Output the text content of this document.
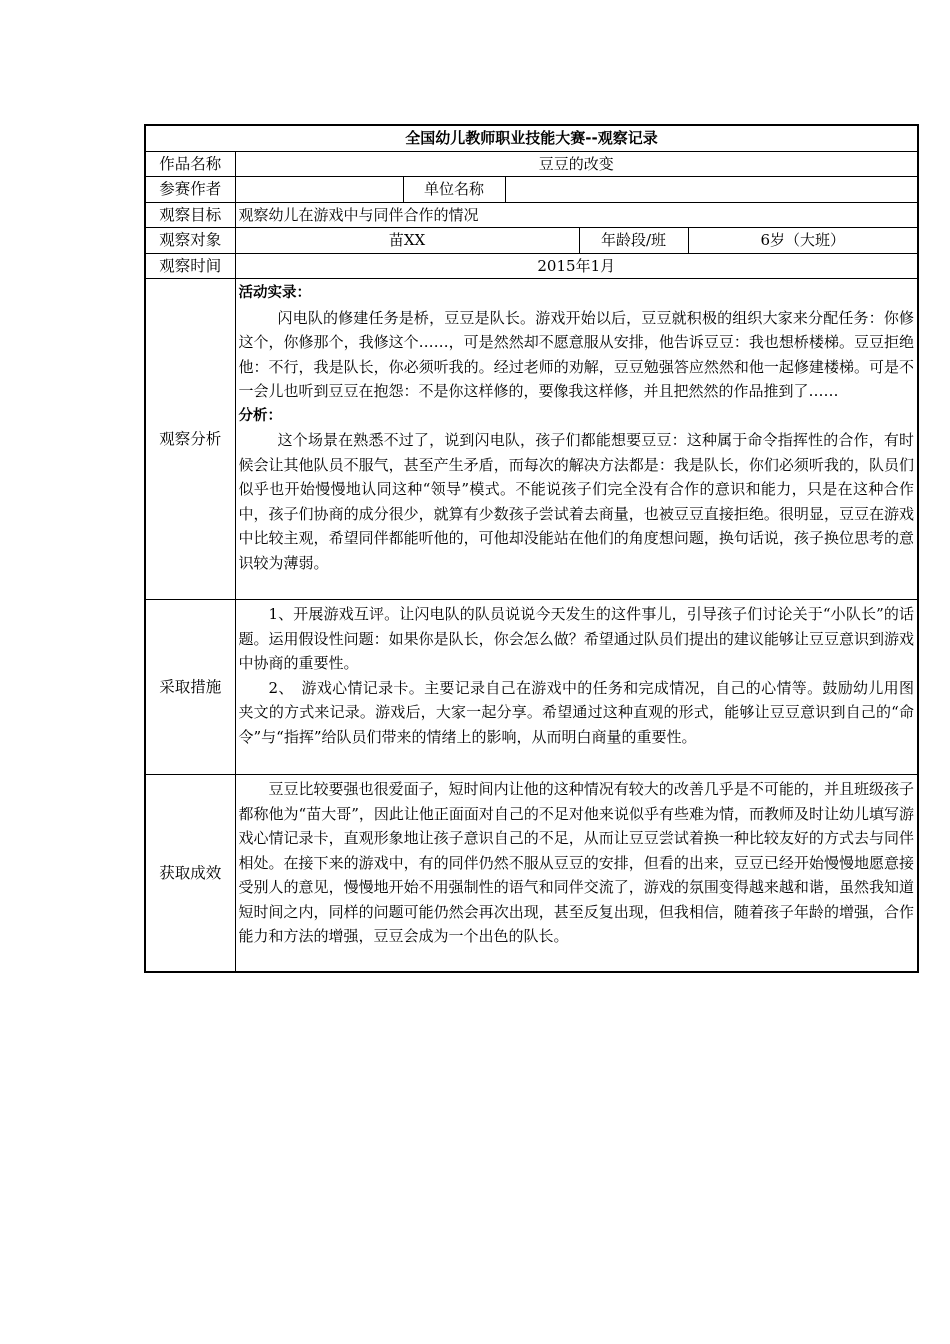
全国幼儿教师职业技能大赛--观察记录					
作品名称	豆豆的改变				
参赛作者		单位名称			
观察目标	观察幼儿在游戏中与同伴合作的情况				
观察对象	苗XX			年龄段/班	6岁（大班）
观察时间	2015年1月				
观察分析	活动实录：

闪电队的修建任务是桥，豆豆是队长。游戏开始以后，豆豆就积极的组织大家来分配任务：你修这个，你修那个，我修这个……，可是然然却不愿意服从安排，他告诉豆豆：我也想桥楼梯。豆豆拒绝他：不行，我是队长，你必须听我的。经过老师的劝解，豆豆勉强答应然然和他一起修建楼梯。可是不一会儿也听到豆豆在抱怨：不是你这样修的，要像我这样修，并且把然然的作品推到了……

分析：

这个场景在熟悉不过了，说到闪电队，孩子们都能想要豆豆：这种属于命令指挥性的合作，有时候会让其他队员不服气，甚至产生矛盾，而每次的解决方法都是：我是队长，你们必须听我的，队员们似乎也开始慢慢地认同这种“领导”模式。不能说孩子们完全没有合作的意识和能力，只是在这种合作中，孩子们协商的成分很少，就算有少数孩子尝试着去商量，也被豆豆直接拒绝。很明显，豆豆在游戏中比较主观，希望同伴都能听他的，可他却没能站在他们的角度想问题，换句话说，孩子换位思考的意识较为薄弱。				

采取措施	1、开展游戏互评。让闪电队的队员说说今天发生的这件事儿，引导孩子们讨论关于“小队长”的话题。运用假设性问题：如果你是队长，你会怎么做？希望通过队员们提出的建议能够让豆豆意识到游戏中协商的重要性。

2、　游戏心情记录卡。主要记录自己在游戏中的任务和完成情况，自己的心情等。鼓励幼儿用图夹文的方式来记录。游戏后，大家一起分享。希望通过这种直观的形式，能够让豆豆意识到自己的“命令”与“指挥”给队员们带来的情绪上的影响，从而明白商量的重要性。				

获取成效	豆豆比较要强也很爱面子，短时间内让他的这种情况有较大的改善几乎是不可能的，并且班级孩子都称他为“苗大哥”，因此让他正面面对自己的不足对他来说似乎有些难为情，而教师及时让幼儿填写游戏心情记录卡，直观形象地让孩子意识自己的不足，从而让豆豆尝试着换一种比较友好的方式去与同伴相处。在接下来的游戏中，有的同伴仍然不服从豆豆的安排，但看的出来，豆豆已经开始慢慢地愿意接受别人的意见，慢慢地开始不用强制性的语气和同伴交流了，游戏的氛围变得越来越和谐，虽然我知道短时间之内，同样的问题可能仍然会再次出现，甚至反复出现，但我相信，随着孩子年龄的增强，合作能力和方法的增强，豆豆会成为一个出色的队长。				
